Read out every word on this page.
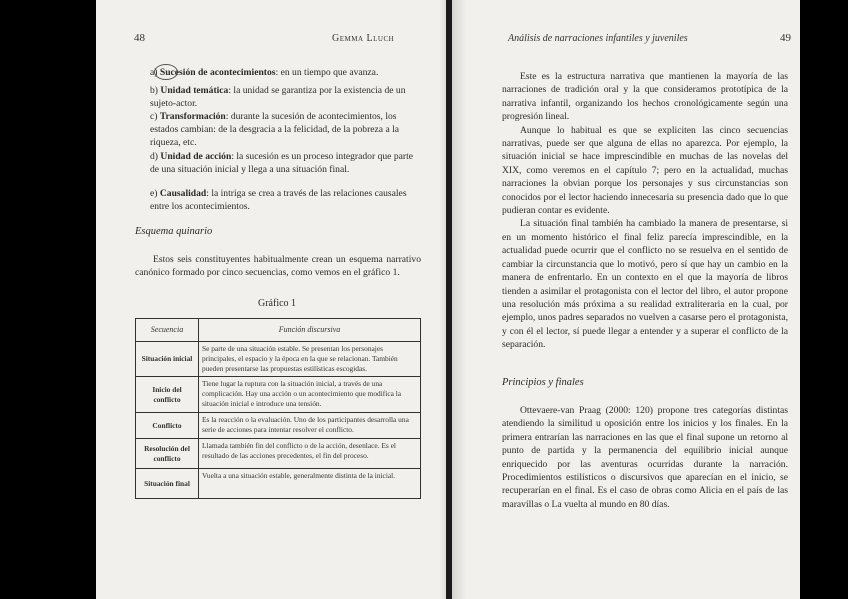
48	Gemma Lluch
a) Sucesión de acontecimientos: en un tiempo que avanza.
b) Unidad temática: la unidad se garantiza por la existencia de un sujeto-actor.
c) Transformación: durante la sucesión de acontecimientos, los estados cambian: de la desgracia a la felicidad, de la pobreza a la riqueza, etc.
d) Unidad de acción: la sucesión es un proceso integrador que parte de una situación inicial y llega a una situación final.
e) Causalidad: la intriga se crea a través de las relaciones causales entre los acontecimientos.
Esquema quinario
Estos seis constituyentes habitualmente crean un esquema narrativo canónico formado por cinco secuencias, como vemos en el gráfico 1.
Gráfico 1
Secuencia	Función discursiva
Situación inicial	Se parte de una situación estable. Se presentan los personajes principales, el espacio y la época en la que se relacionan. También pueden presentarse las propuestas estilísticas escogidas.
Inicio del conflicto	Tiene lugar la ruptura con la situación inicial, a través de una complicación. Hay una acción o un acontecimiento que modifica la situación inicial e introduce una tensión.
Conflicto	Es la reacción o la evaluación. Uno de los participantes desarrolla una serie de acciones para intentar resolver el conflicto.
Resolución del conflicto	Llamada también fin del conflicto o de la acción, desenlace. Es el resultado de las acciones precedentes, el fin del proceso.
Situación final	Vuelta a una situación estable, generalmente distinta de la inicial.
Análisis de narraciones infantiles y juveniles	49

Este es la estructura narrativa que mantienen la mayoría de las narraciones de tradición oral y la que consideramos prototípica de la narrativa infantil, organizando los hechos cronológicamente según una progresión lineal.

Aunque lo habitual es que se expliciten las cinco secuencias narrativas, puede ser que alguna de ellas no aparezca. Por ejemplo, la situación inicial se hace imprescindible en muchas de las novelas del XIX, como veremos en el capítulo 7; pero en la actualidad, muchas narraciones la obvian porque los personajes y sus circunstancias son conocidos por el lector haciendo innecesaria su presencia dado que lo que pudieran contar es evidente.

La situación final también ha cambiado la manera de presentarse, si en un momento histórico el final feliz parecía imprescindible, en la actualidad puede ocurrir que el conflicto no se resuelva en el sentido de cambiar la circunstancia que lo motivó, pero sí que hay un cambio en la manera de enfrentarlo. En un contexto en el que la mayoría de libros tienden a asimilar el protagonista con el lector del libro, el autor propone una resolución más próxima a su realidad extraliteraria en la cual, por ejemplo, unos padres separados no vuelven a casarse pero el protagonista, y con él el lector, sí puede llegar a entender y a superar el conflicto de la separación.

Principios y finales
Ottevaere-van Praag (2000: 120) propone tres categorías distintas atendiendo la similitud u oposición entre los inicios y los finales. En la primera entrarían las narraciones en las que el final supone un retorno al punto de partida y la permanencia del equilibrio inicial aunque enriquecido por las aventuras ocurridas durante la narración. Procedimientos estilísticos o discursivos que aparecían en el inicio, se recuperarían en el final. Es el caso de obras como Alicia en el país de las maravillas o La vuelta al mundo en 80 días.
